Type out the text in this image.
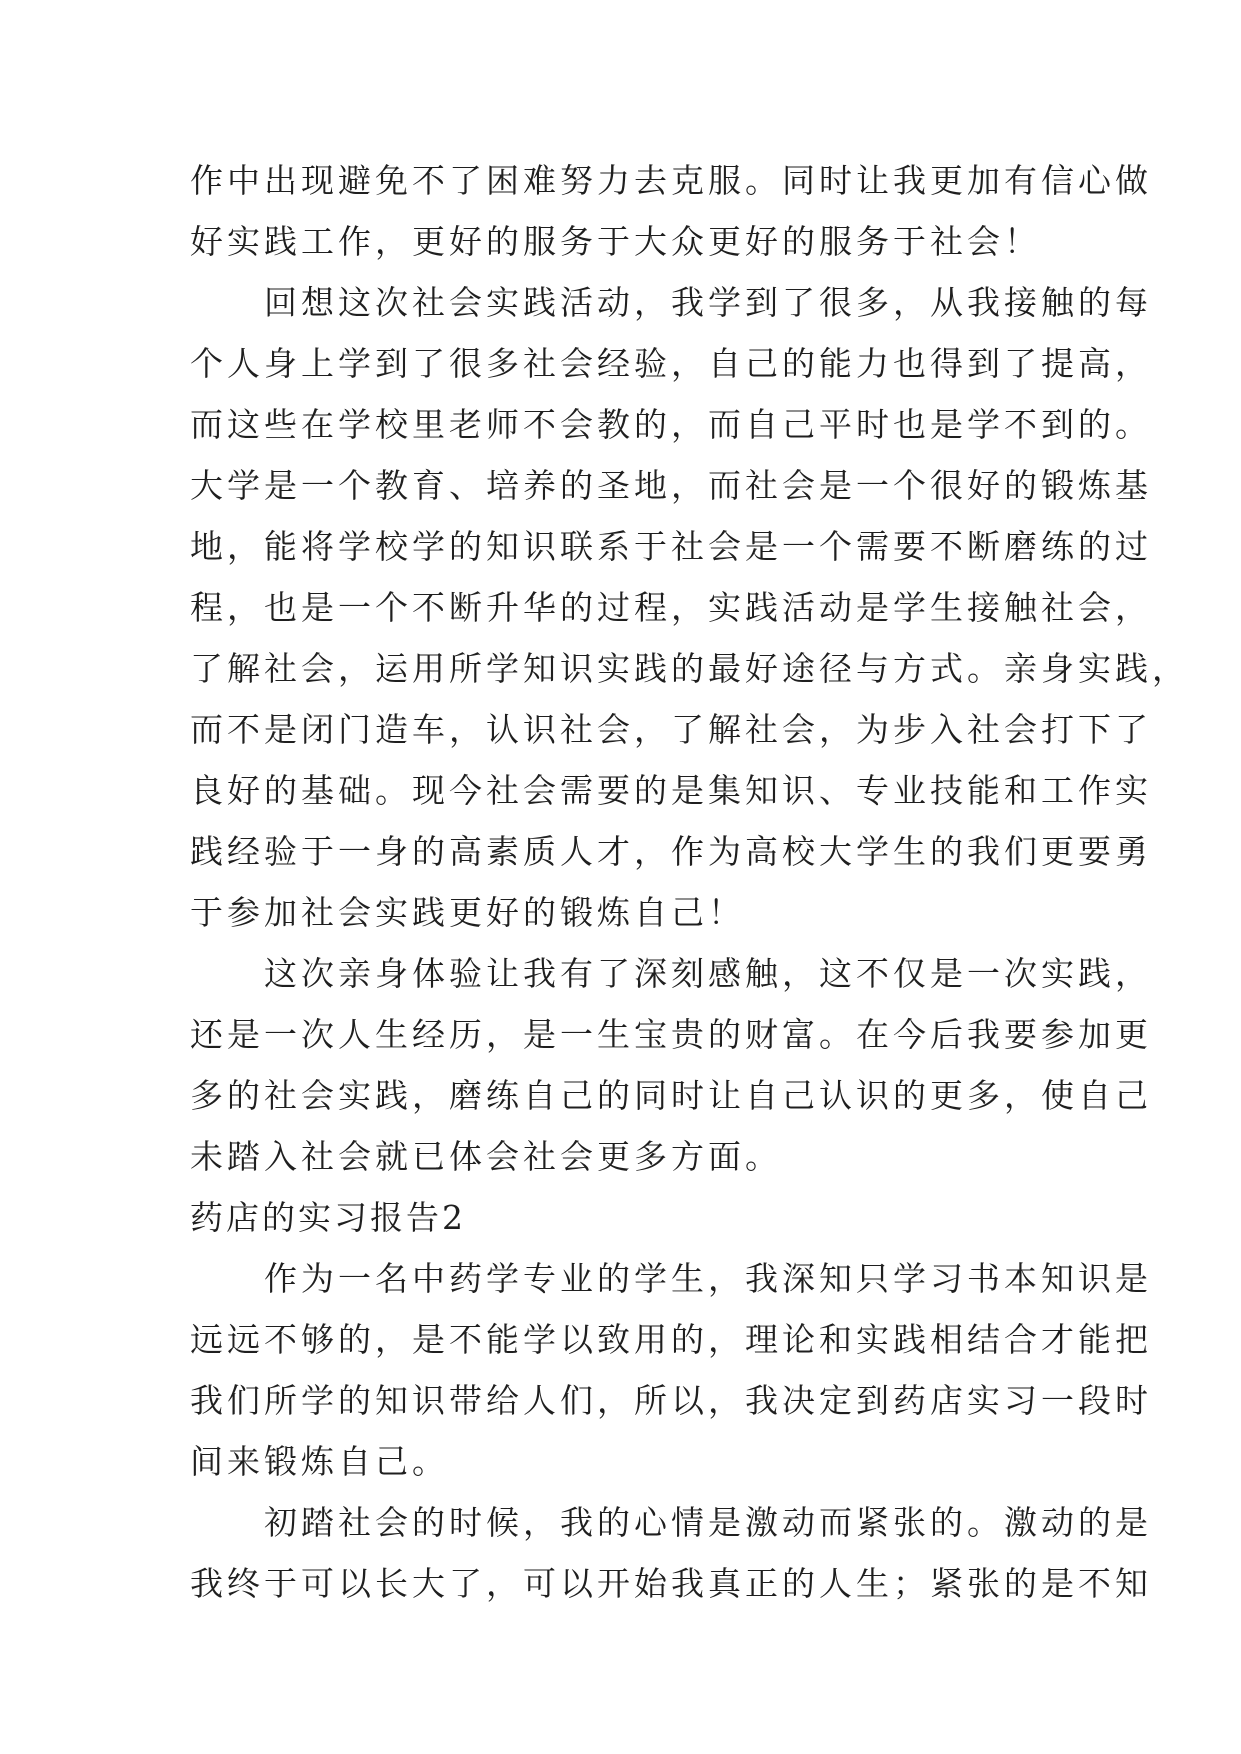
作中出现避免不了困难努力去克服。同时让我更加有信心做
好实践工作，更好的服务于大众更好的服务于社会！
　　回想这次社会实践活动，我学到了很多，从我接触的每
个人身上学到了很多社会经验，自己的能力也得到了提高，
而这些在学校里老师不会教的，而自己平时也是学不到的。
大学是一个教育、培养的圣地，而社会是一个很好的锻炼基
地，能将学校学的知识联系于社会是一个需要不断磨练的过
程，也是一个不断升华的过程，实践活动是学生接触社会，
了解社会，运用所学知识实践的最好途径与方式。亲身实践，
而不是闭门造车，认识社会，了解社会，为步入社会打下了
良好的基础。现今社会需要的是集知识、专业技能和工作实
践经验于一身的高素质人才，作为高校大学生的我们更要勇
于参加社会实践更好的锻炼自己！
　　这次亲身体验让我有了深刻感触，这不仅是一次实践，
还是一次人生经历，是一生宝贵的财富。在今后我要参加更
多的社会实践，磨练自己的同时让自己认识的更多，使自己
未踏入社会就已体会社会更多方面。
药店的实习报告2
　　作为一名中药学专业的学生，我深知只学习书本知识是
远远不够的，是不能学以致用的，理论和实践相结合才能把
我们所学的知识带给人们，所以，我决定到药店实习一段时
间来锻炼自己。
　　初踏社会的时候，我的心情是激动而紧张的。激动的是
我终于可以长大了，可以开始我真正的人生；紧张的是不知
